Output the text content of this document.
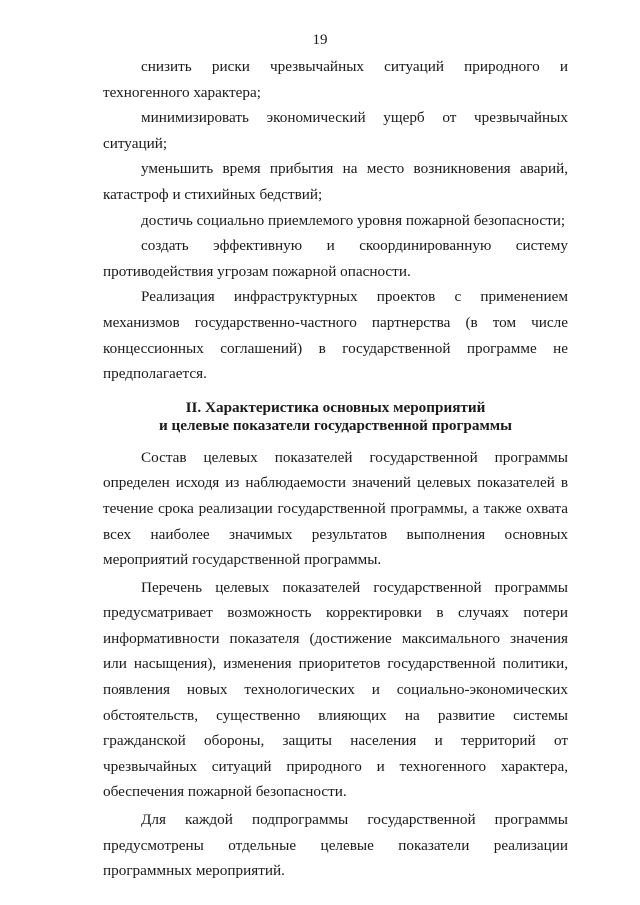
19

снизить риски чрезвычайных ситуаций природного и техногенного характера;

минимизировать экономический ущерб от чрезвычайных ситуаций;

уменьшить время прибытия на место возникновения аварий, катастроф и стихийных бедствий;

достичь социально приемлемого уровня пожарной безопасности;

создать эффективную и скоординированную систему противодействия угрозам пожарной опасности.

Реализация инфраструктурных проектов с применением механизмов государственно-частного партнерства (в том числе концессионных соглашений) в государственной программе не предполагается.

II. Характеристика основных мероприятий
и целевые показатели государственной программы

Состав целевых показателей государственной программы определен исходя из наблюдаемости значений целевых показателей в течение срока реализации государственной программы, а также охвата всех наиболее значимых результатов выполнения основных мероприятий государственной программы.

Перечень целевых показателей государственной программы предусматривает возможность корректировки в случаях потери информативности показателя (достижение максимального значения или насыщения), изменения приоритетов государственной политики, появления новых технологических и социально-экономических обстоятельств, существенно влияющих на развитие системы гражданской обороны, защиты населения и территорий от чрезвычайных ситуаций природного и техногенного характера, обеспечения пожарной безопасности.

Для каждой подпрограммы государственной программы предусмотрены отдельные целевые показатели реализации программных мероприятий.
